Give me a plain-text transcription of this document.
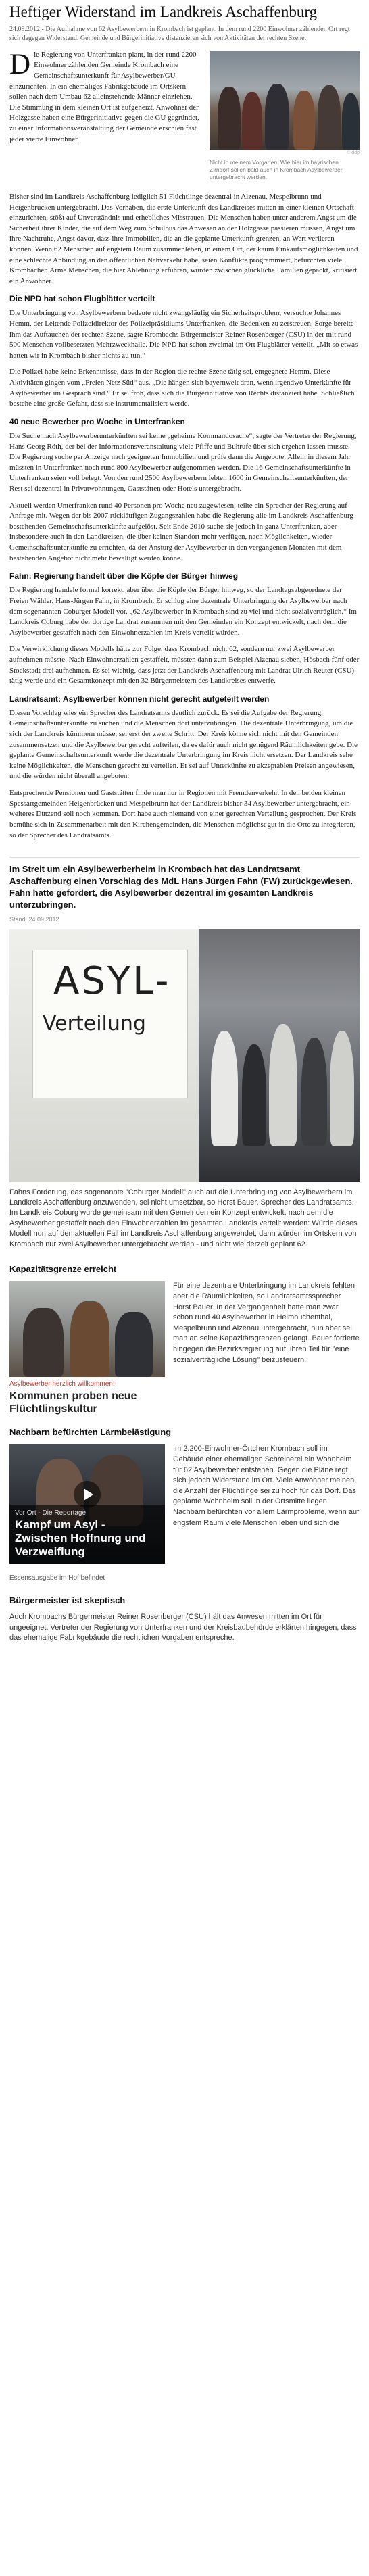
Heftiger Widerstand im Landkreis Aschaffenburg
24.09.2012 - Die Aufnahme von 62 Asylbewerbern in Krombach ist geplant. In dem rund 2200 Einwohner zählenden Ort regt sich dagegen Widerstand. Gemeinde und Bürgerinitiative distanzieren sich von Aktivitäten der rechten Szene.
© ddp
Nicht in meinem Vorgarten: Wie hier im bayrischen Zirndorf sollen bald auch in Krombach Asylbewerber untergebracht werden.
D ie Regierung von Unterfranken plant, in der rund 2200 Einwohner zählenden Gemeinde Krombach eine Gemeinschaftsunterkunft für Asylbewerber/GU einzurichten. In ein ehemaliges Fabrikgebäude im Ortskern sollen nach dem Umbau 62 alleinstehende Männer einziehen. Die Stimmung in dem kleinen Ort ist aufgeheizt, Anwohner der Holzgasse haben eine Bürgerinitiative gegen die GU gegründet, zu einer Informationsveranstaltung der Gemeinde erschien fast jeder vierte Einwohner.

Bisher sind im Landkreis Aschaffenburg lediglich 51 Flüchtlinge dezentral in Alzenau, Mespelbrunn und Heigenbrücken untergebracht. Das Vorhaben, die erste Unterkunft des Landkreises mitten in einer kleinen Ortschaft einzurichten, stößt auf Unverständnis und erhebliches Misstrauen. Die Menschen haben unter anderem Angst um die Sicherheit ihrer Kinder, die auf dem Weg zum Schulbus das Anwesen an der Holzgasse passieren müssen, Angst um ihre Nachtruhe, Angst davor, dass ihre Immobilien, die an die geplante Unterkunft grenzen, an Wert verlieren können. Wenn 62 Menschen auf engstem Raum zusammenleben, in einem Ort, der kaum Einkaufsmöglichkeiten und eine schlechte Anbindung an den öffentlichen Nahverkehr habe, seien Konflikte programmiert, befürchten viele Krombacher. Arme Menschen, die hier Ablehnung erführen, würden zwischen glückliche Familien gepackt, kritisiert ein Anwohner.

Die NPD hat schon Flugblätter verteilt

Die Unterbringung von Asylbewerbern bedeute nicht zwangsläufig ein Sicherheitsproblem, versuchte Johannes Hemm, der Leitende Polizeidirektor des Polizeipräsidiums Unterfranken, die Bedenken zu zerstreuen. Sorge bereite ihm das Auftauchen der rechten Szene, sagte Krombachs Bürgermeister Reiner Rosenberger (CSU) in der mit rund 500 Menschen vollbesetzten Mehrzweckhalle. Die NPD hat schon zweimal im Ort Flugblätter verteilt. „Mit so etwas hatten wir in Krombach bisher nichts zu tun.“

Die Polizei habe keine Erkenntnisse, dass in der Region die rechte Szene tätig sei, entgegnete Hemm. Diese Aktivitäten gingen vom „Freien Netz Süd“ aus. „Die hängen sich bayernweit dran, wenn irgendwo Unterkünfte für Asylbewerber im Gespräch sind.“ Er sei froh, dass sich die Bürgerinitiative von Rechts distanziert habe. Schließlich bestehe eine große Gefahr, dass sie instrumentalisiert werde.

40 neue Bewerber pro Woche in Unterfranken

Die Suche nach Asylbewerberunterkünften sei keine „geheime Kommandosache“, sagte der Vertreter der Regierung, Hans Georg Röth, der bei der Informationsveranstaltung viele Pfiffe und Buhrufe über sich ergehen lassen musste. Die Regierung suche per Anzeige nach geeigneten Immobilien und prüfe dann die Angebote. Allein in diesem Jahr müssten in Unterfranken noch rund 800 Asylbewerber aufgenommen werden. Die 16 Gemeinschaftsunterkünfte in Unterfranken seien voll belegt. Von den rund 2500 Asylbewerbern lebten 1600 in Gemeinschaftsunterkünften, der Rest sei dezentral in Privatwohnungen, Gaststätten oder Hotels untergebracht.

Aktuell werden Unterfranken rund 40 Personen pro Woche neu zugewiesen, teilte ein Sprecher der Regierung auf Anfrage mit. Wegen der bis 2007 rückläufigen Zugangszahlen habe die Regierung alle im Landkreis Aschaffenburg bestehenden Gemeinschaftsunterkünfte aufgelöst. Seit Ende 2010 suche sie jedoch in ganz Unterfranken, aber insbesondere auch in den Landkreisen, die über keinen Standort mehr verfügen, nach Möglichkeiten, wieder Gemeinschaftsunterkünfte zu errichten, da der Ansturg der Asylbewerber in den vergangenen Monaten mit dem bestehenden Angebot nicht mehr bewältigt werden könne.

Fahn: Regierung handelt über die Köpfe der Bürger hinweg

Die Regierung handele formal korrekt, aber über die Köpfe der Bürger hinweg, so der Landtagsabgeordnete der Freien Wähler, Hans-Jürgen Fahn, in Krombach. Er schlug eine dezentrale Unterbringung der Asylbewerber nach dem sogenannten Coburger Modell vor. „62 Asylbewerber in Krombach sind zu viel und nicht sozialverträglich.“ Im Landkreis Coburg habe der dortige Landrat zusammen mit den Gemeinden ein Konzept entwickelt, nach dem die Asylbewerber gestaffelt nach den Einwohnerzahlen im Kreis verteilt würden.

Die Verwirklichung dieses Modells hätte zur Folge, dass Krombach nicht 62, sondern nur zwei Asylbewerber aufnehmen müsste. Nach Einwohnerzahlen gestaffelt, müssten dann zum Beispiel Alzenau sieben, Hösbach fünf oder Stockstadt drei aufnehmen. Es sei wichtig, dass jetzt der Landkreis Aschaffenburg mit Landrat Ulrich Reuter (CSU) tätig werde und ein Gesamtkonzept mit den 32 Bürgermeistern des Landkreises entwerfe.

Landratsamt: Asylbewerber können nicht gerecht aufgeteilt werden

Diesen Vorschlag wies ein Sprecher des Landratsamts deutlich zurück. Es sei die Aufgabe der Regierung, Gemeinschaftsunterkünfte zu suchen und die Menschen dort unterzubringen. Die dezentrale Unterbringung, um die sich der Landkreis kümmern müsse, sei erst der zweite Schritt. Der Kreis könne sich nicht mit den Gemeinden zusammensetzen und die Asylbewerber gerecht aufteilen, da es dafür auch nicht genügend Räumlichkeiten gebe. Die geplante Gemeinschaftsunterkunft werde die dezentrale Unterbringung im Kreis nicht ersetzen. Der Landkreis sehe keine Möglichkeiten, die Menschen gerecht zu verteilen. Er sei auf Unterkünfte zu akzeptablen Preisen angewiesen, und die würden nicht überall angeboten.

Entsprechende Pensionen und Gaststätten finde man nur in Regionen mit Fremdenverkehr. In den beiden kleinen Spessartgemeinden Heigenbrücken und Mespelbrunn hat der Landkreis bisher 34 Asylbewerber untergebracht, ein weiteres Dutzend soll noch kommen. Dort habe auch niemand von einer gerechten Verteilung gesprochen. Der Kreis bemühe sich in Zusammenarbeit mit den Kirchengemeinden, die Menschen möglichst gut in die Orte zu integrieren, so der Sprecher des Landratsamts.

Im Streit um ein Asylbewerberheim in Krombach hat das Landratsamt Aschaffenburg einen Vorschlag des MdL Hans Jürgen Fahn (FW) zurückgewiesen. Fahn hatte gefordert, die Asylbewerber dezentral im gesamten Landkreis unterzubringen.
Stand: 24.09.2012
ASYL-
Verteilung

Fahns Forderung, das sogenannte "Coburger Modell" auch auf die Unterbringung von Asylbewerbern im Landkreis Aschaffenburg anzuwenden, sei nicht umsetzbar, so Horst Bauer, Sprecher des Landratsamts. Im Landkreis Coburg wurde gemeinsam mit den Gemeinden ein Konzept entwickelt, nach dem die Asylbewerber gestaffelt nach den Einwohnerzahlen im gesamten Landkreis verteilt werden: Würde dieses Modell nun auf den aktuellen Fall im Landkreis Aschaffenburg angewendet, dann würden im Ortskern von Krombach nur zwei Asylbewerber untergebracht werden - und nicht wie derzeit geplant 62.

Kapazitätsgrenze erreicht
Asylbewerber herzlich willkommen!
Kommunen proben neue Flüchtlingskultur
Für eine dezentrale Unterbringung im Landkreis fehlten aber die Räumlichkeiten, so Landratsamtssprecher Horst Bauer. In der Vergangenheit hatte man zwar schon rund 40 Asylbewerber in Heimbuchenthal, Mespelbrunn und Alzenau untergebracht, nun aber sei man an seine Kapazitätsgrenzen gelangt. Bauer forderte hingegen die Bezirksregierung auf, ihren Teil für "eine sozialverträgliche Lösung" beizusteuern.
Nachbarn befürchten Lärmbelästigung
Vor Ort - Die Reportage
Kampf um Asyl - Zwischen Hoffnung und Verzweiflung
Im 2.200-Einwohner-Örtchen Krombach soll im Gebäude einer ehemaligen Schreinerei ein Wohnheim für 62 Asylbewerber entstehen. Gegen die Pläne regt sich jedoch Widerstand im Ort. Viele Anwohner meinen, die Anzahl der Flüchtlinge sei zu hoch für das Dorf. Das geplante Wohnheim soll in der Ortsmitte liegen. Nachbarn befürchten vor allem Lärmprobleme, wenn auf engstem Raum viele Menschen leben und sich die
Essensausgabe im Hof befindet
Bürgermeister ist skeptisch

Auch Krombachs Bürgermeister Reiner Rosenberger (CSU) hält das Anwesen mitten im Ort für ungeeignet. Vertreter der Regierung von Unterfranken und der Kreisbaubehörde erklärten hingegen, dass das ehemalige Fabrikgebäude die rechtlichen Vorgaben entspreche.
